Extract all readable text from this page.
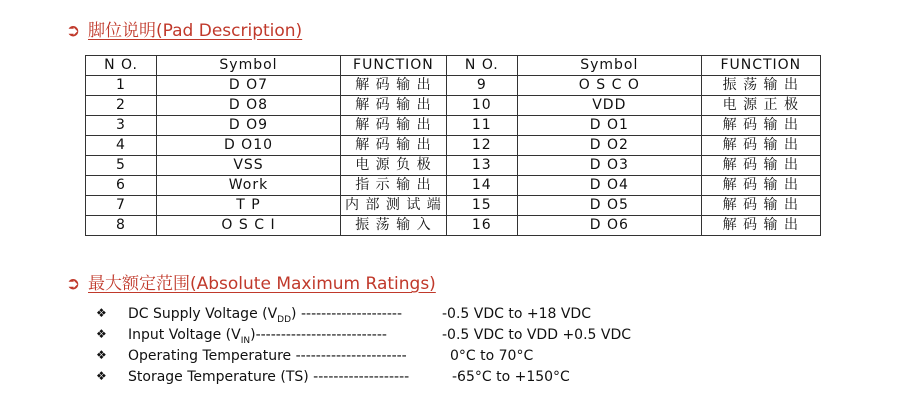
➲ 脚位说明(Pad Description)
N O.	Symbol	FUNCTION	N O.	Symbol	FUNCTION
1	D O7	解 码 输 出	9	O S C O	振 荡 输 出
2	D O8	解 码 输 出	10	VDD	电 源 正 极
3	D O9	解 码 输 出	11	D O1	解 码 输 出
4	D O10	解 码 输 出	12	D O2	解 码 输 出
5	VSS	电 源 负 极	13	D O3	解 码 输 出
6	Work	指 示 输 出	14	D O4	解 码 输 出
7	T P	内 部 测 试 端	15	D O5	解 码 输 出
8	O S C I	振 荡 输 入	16	D O6	解 码 输 出
➲ 最大额定范围(Absolute Maximum Ratings)
❖	DC Supply Voltage $(V_{DD})$ --------------------	-0.5 VDC to +18 VDC
❖	Input Voltage $(V_{IN})--------------------------$	-0.5 VDC to VDD +0.5 VDC
❖	Operating Temperature ----------------------	0°C to 70°C
❖	Storage Temperature (TS) -------------------	-65°C to +150°C
